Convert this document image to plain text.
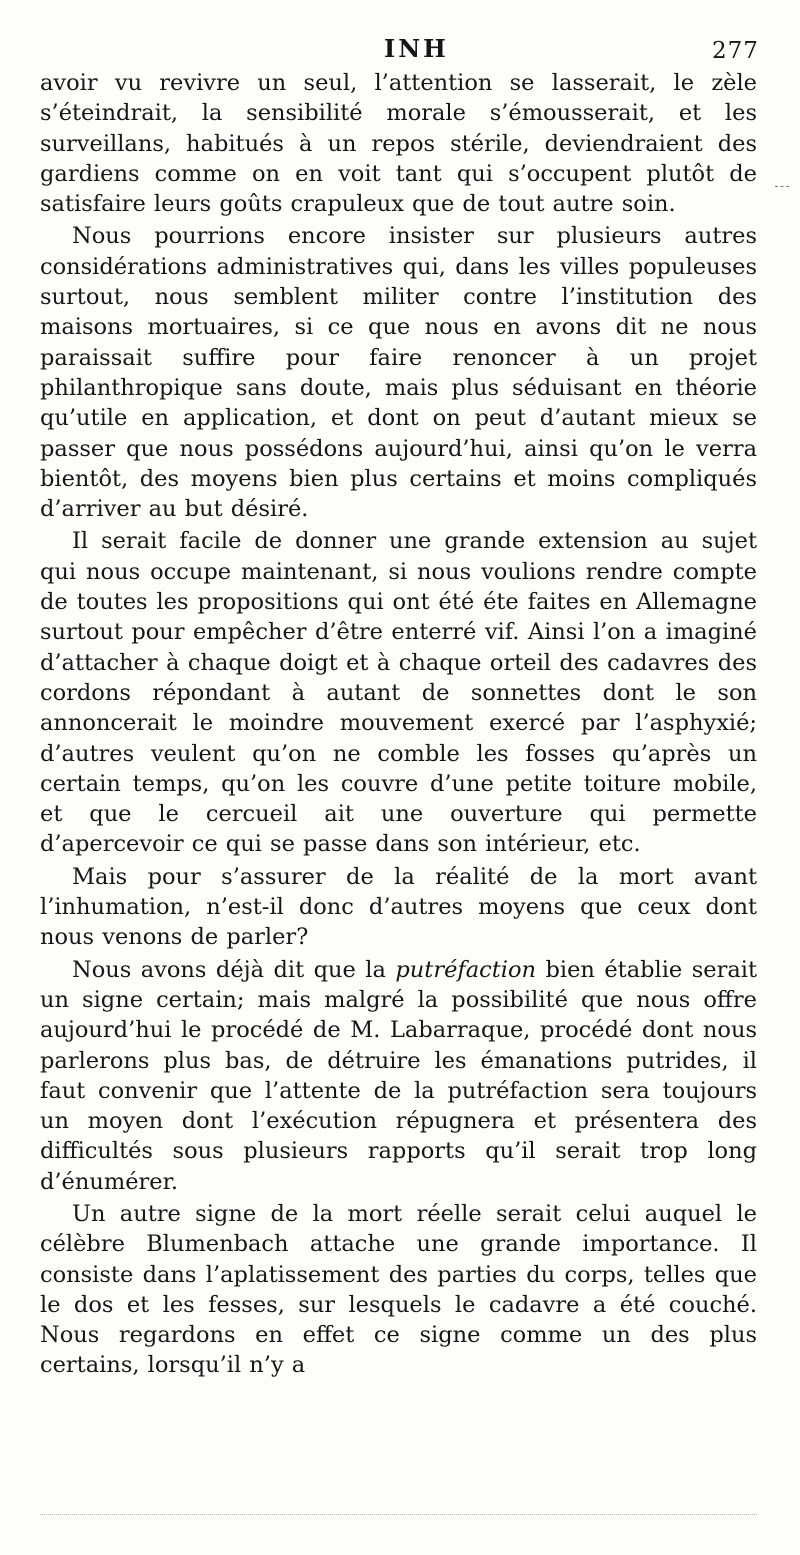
INH	277

avoir vu revivre un seul, l’attention se lasserait, le zèle s’éteindrait, la sensibilité morale s’émousserait, et les surveillans, habitués à un repos stérile, deviendraient des gardiens comme on en voit tant qui s’occupent plutôt de satisfaire leurs goûts crapuleux que de tout autre soin.

Nous pourrions encore insister sur plusieurs autres considérations administratives qui, dans les villes populeuses surtout, nous semblent militer contre l’institution des maisons mortuaires, si ce que nous en avons dit ne nous paraissait suffire pour faire renoncer à un projet philanthropique sans doute, mais plus séduisant en théorie qu’utile en application, et dont on peut d’autant mieux se passer que nous possédons aujourd’hui, ainsi qu’on le verra bientôt, des moyens bien plus certains et moins compliqués d’arriver au but désiré.

Il serait facile de donner une grande extension au sujet qui nous occupe maintenant, si nous voulions rendre compte de toutes les propositions qui ont été éte faites en Allemagne surtout pour empêcher d’être enterré vif. Ainsi l’on a imaginé d’attacher à chaque doigt et à chaque orteil des cadavres des cordons répondant à autant de sonnettes dont le son annoncerait le moindre mouvement exercé par l’asphyxié; d’autres veulent qu’on ne comble les fosses qu’après un certain temps, qu’on les couvre d’une petite toiture mobile, et que le cercueil ait une ouverture qui permette d’apercevoir ce qui se passe dans son intérieur, etc.

Mais pour s’assurer de la réalité de la mort avant l’inhumation, n’est-il donc d’autres moyens que ceux dont nous venons de parler?

Nous avons déjà dit que la putréfaction bien établie serait un signe certain; mais malgré la possibilité que nous offre aujourd’hui le procédé de M. Labarraque, procédé dont nous parlerons plus bas, de détruire les émanations putrides, il faut convenir que l’attente de la putréfaction sera toujours un moyen dont l’exécution répugnera et présentera des difficultés sous plusieurs rapports qu’il serait trop long d’énumérer.

Un autre signe de la mort réelle serait celui auquel le célèbre Blumenbach attache une grande importance. Il consiste dans l’aplatissement des parties du corps, telles que le dos et les fesses, sur lesquels le cadavre a été couché. Nous regardons en effet ce signe comme un des plus certains, lorsqu’il n’y a
